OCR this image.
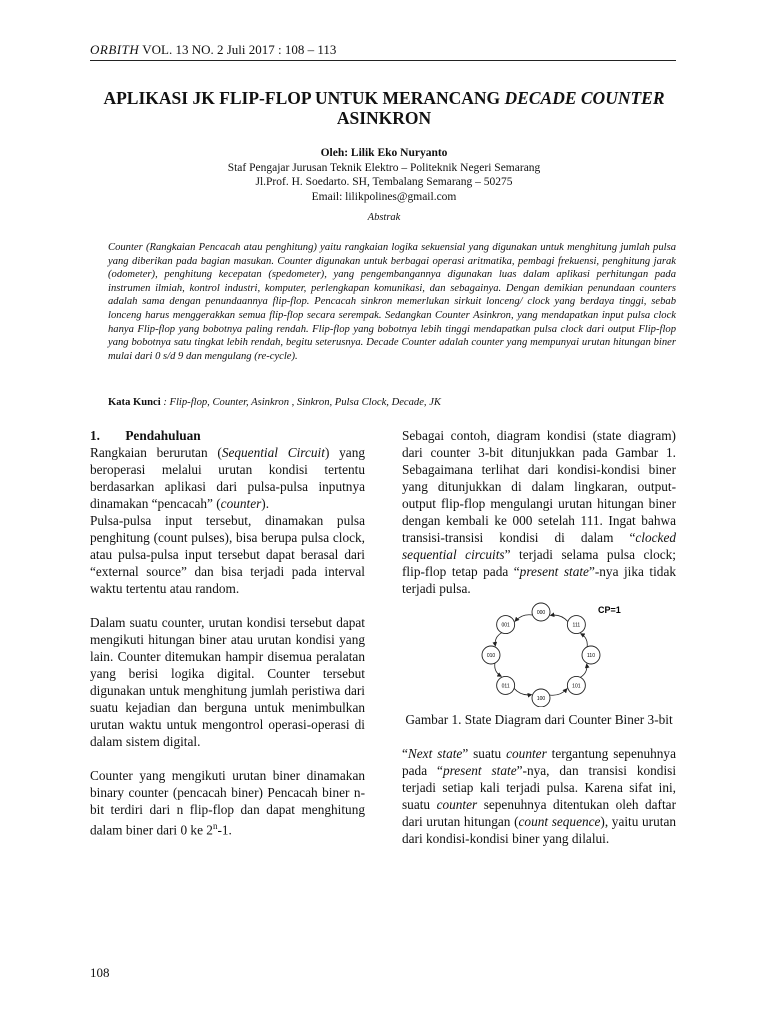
ORBITH VOL. 13 NO. 2 Juli 2017 : 108 – 113
APLIKASI JK FLIP-FLOP UNTUK MERANCANG DECADE COUNTER
ASINKRON
Oleh: Lilik Eko Nuryanto
Staf Pengajar Jurusan Teknik Elektro – Politeknik Negeri Semarang
Jl.Prof. H. Soedarto. SH, Tembalang Semarang – 50275
Email: lilikpolines@gmail.com
Abstrak
Counter (Rangkaian Pencacah atau penghitung) yaitu rangkaian logika sekuensial yang digunakan untuk menghitung jumlah pulsa yang diberikan pada bagian masukan. Counter digunakan untuk berbagai operasi aritmatika, pembagi frekuensi, penghitung jarak (odometer), penghitung kecepatan (spedometer), yang pengembangannya digunakan luas dalam aplikasi perhitungan pada instrumen ilmiah, kontrol industri, komputer, perlengkapan komunikasi, dan sebagainya. Dengan demikian penundaan counters adalah sama dengan penundaannya flip-flop. Pencacah sinkron memerlukan sirkuit lonceng/ clock yang berdaya tinggi, sebab lonceng harus menggerakkan semua flip-flop secara serempak. Sedangkan Counter Asinkron, yang mendapatkan input pulsa clock hanya Flip-flop yang bobotnya paling rendah. Flip-flop yang bobotnya lebih tinggi mendapatkan pulsa clock dari output Flip-flop yang bobotnya satu tingkat lebih rendah, begitu seterusnya. Decade Counter adalah counter yang mempunyai urutan hitungan biner mulai dari 0 s/d 9 dan mengulang (re-cycle).
Kata Kunci : Flip-flop, Counter, Asinkron , Sinkron, Pulsa Clock, Decade, JK

1. Pendahuluan

Rangkaian berurutan (Sequential Circuit) yang beroperasi melalui urutan kondisi tertentu berdasarkan aplikasi dari pulsa-pulsa inputnya dinamakan “pencacah” (counter).

Pulsa-pulsa input tersebut, dinamakan pulsa penghitung (count pulses), bisa berupa pulsa clock, atau pulsa-pulsa input tersebut dapat berasal dari “external source” dan bisa terjadi pada interval waktu tertentu atau random.

Dalam suatu counter, urutan kondisi tersebut dapat mengikuti hitungan biner atau urutan kondisi yang lain. Counter ditemukan hampir disemua peralatan yang berisi logika digital. Counter tersebut digunakan untuk menghitung jumlah peristiwa dari suatu kejadian dan berguna untuk menimbulkan urutan waktu untuk mengontrol operasi-operasi di dalam sistem digital.

Counter yang mengikuti urutan biner dinamakan binary counter (pencacah biner) Pencacah biner n-bit terdiri dari n flip-flop dan dapat menghitung dalam biner dari 0 ke 2$^n$-1.

Sebagai contoh, diagram kondisi (state diagram) dari counter 3-bit ditunjukkan pada Gambar 1. Sebagaimana terlihat dari kondisi-kondisi biner yang ditunjukkan di dalam lingkaran, output-output flip-flop mengulangi urutan hitungan biner dengan kembali ke 000 setelah 111. Ingat bahwa transisi-transisi kondisi di dalam “clocked sequential circuits” terjadi selama pulsa clock; flip-flop tetap pada “present state”-nya jika tidak terjadi pulsa.

000
001
010
011
100
101
110
111
CP=1

Gambar 1. State Diagram dari Counter Biner 3-bit

“Next state” suatu counter tergantung sepenuhnya pada “present state”-nya, dan transisi kondisi terjadi setiap kali terjadi pulsa. Karena sifat ini, suatu counter sepenuhnya ditentukan oleh daftar dari urutan hitungan (count sequence), yaitu urutan dari kondisi-kondisi biner yang dilalui.

108
